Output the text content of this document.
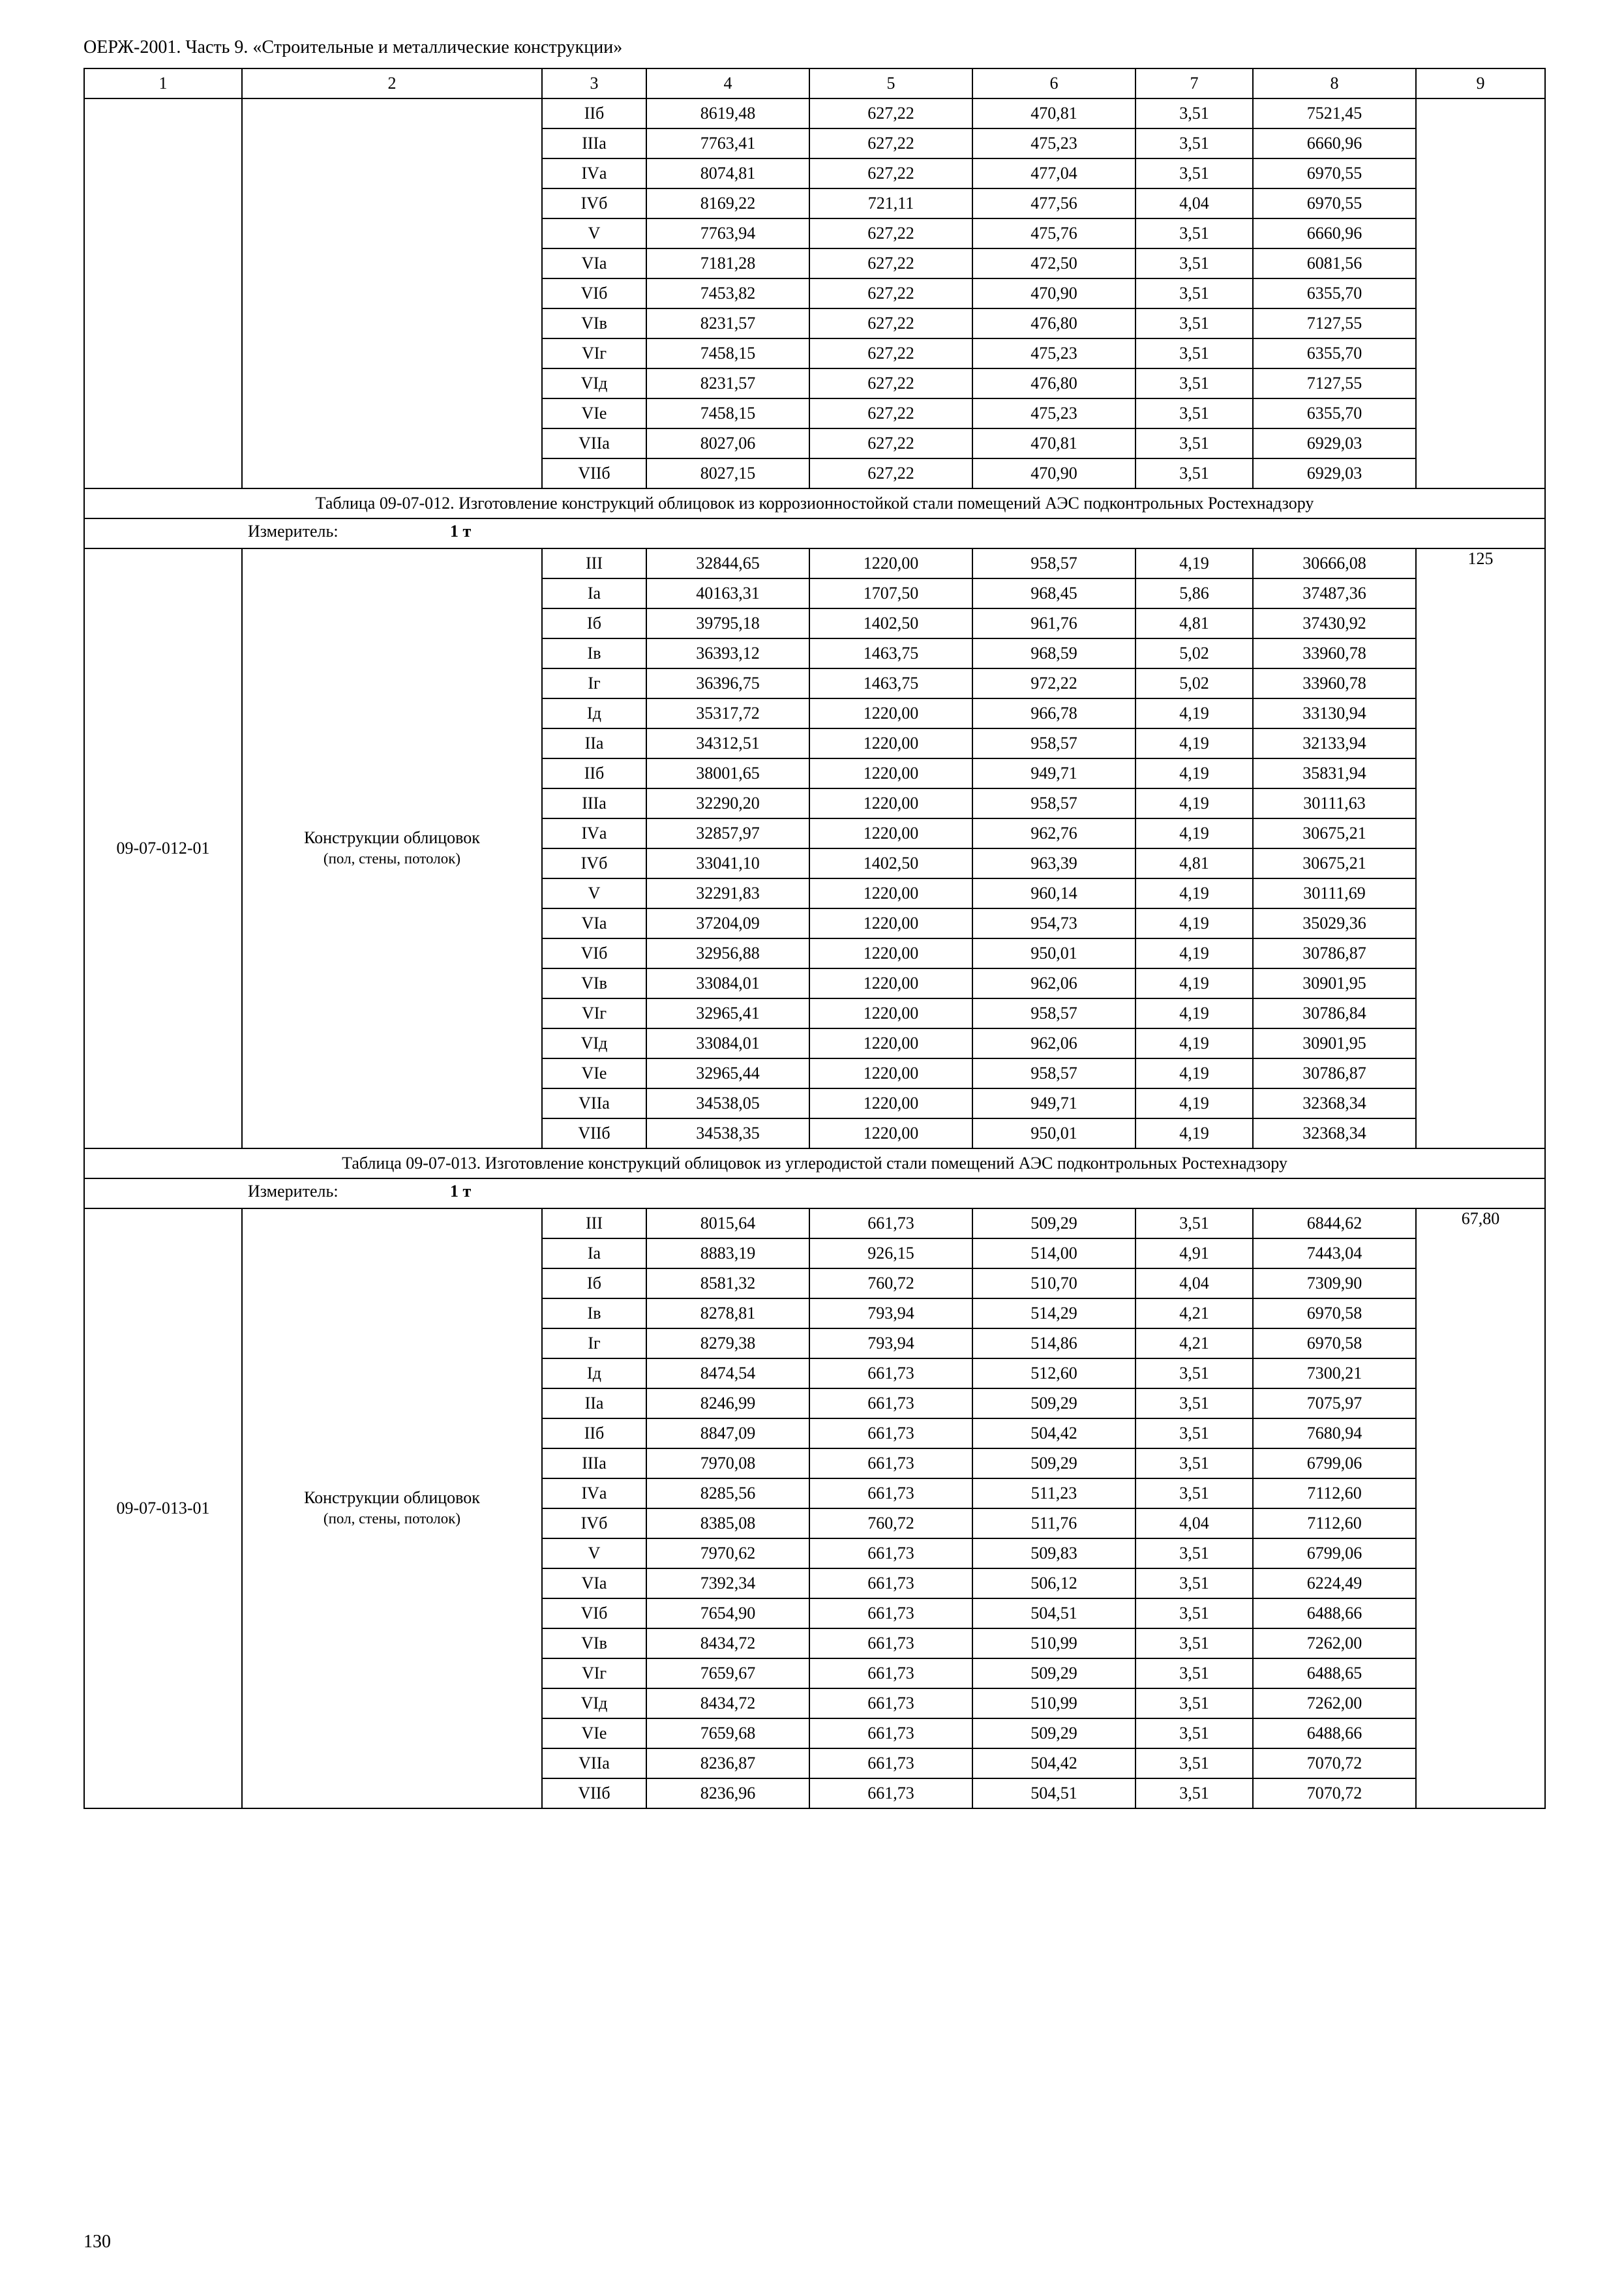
ОЕРЖ-2001. Часть 9. «Строительные и металлические конструкции»
1	2	3	4	5	6	7	8	9
		IIб	8619,48	627,22	470,81	3,51	7521,45	
		IIIа	7763,41	627,22	475,23	3,51	6660,96	
		IVа	8074,81	627,22	477,04	3,51	6970,55	
		IVб	8169,22	721,11	477,56	4,04	6970,55	
		V	7763,94	627,22	475,76	3,51	6660,96	
		VIа	7181,28	627,22	472,50	3,51	6081,56	
		VIб	7453,82	627,22	470,90	3,51	6355,70	
		VIв	8231,57	627,22	476,80	3,51	7127,55	
		VIг	7458,15	627,22	475,23	3,51	6355,70	
		VIд	8231,57	627,22	476,80	3,51	7127,55	
		VIе	7458,15	627,22	475,23	3,51	6355,70	
		VIIа	8027,06	627,22	470,81	3,51	6929,03	
		VIIб	8027,15	627,22	470,90	3,51	6929,03	
Таблица 09-07-012. Изготовление конструкций облицовок из коррозионностойкой стали помещений АЭС подконтрольных Ростехнадзору								

Измеритель: 1 т								

09-07-012-01	Конструкции облицовок
(пол, стены, потолок)	III	32844,65	1220,00	958,57	4,19	30666,08	125
		Iа	40163,31	1707,50	968,45	5,86	37487,36	
		Iб	39795,18	1402,50	961,76	4,81	37430,92	
		Iв	36393,12	1463,75	968,59	5,02	33960,78	
		Iг	36396,75	1463,75	972,22	5,02	33960,78	
		Iд	35317,72	1220,00	966,78	4,19	33130,94	
		IIа	34312,51	1220,00	958,57	4,19	32133,94	
		IIб	38001,65	1220,00	949,71	4,19	35831,94	
		IIIа	32290,20	1220,00	958,57	4,19	30111,63	
		IVа	32857,97	1220,00	962,76	4,19	30675,21	
		IVб	33041,10	1402,50	963,39	4,81	30675,21	
		V	32291,83	1220,00	960,14	4,19	30111,69	
		VIа	37204,09	1220,00	954,73	4,19	35029,36	
		VIб	32956,88	1220,00	950,01	4,19	30786,87	
		VIв	33084,01	1220,00	962,06	4,19	30901,95	
		VIг	32965,41	1220,00	958,57	4,19	30786,84	
		VIд	33084,01	1220,00	962,06	4,19	30901,95	
		VIе	32965,44	1220,00	958,57	4,19	30786,87	
		VIIа	34538,05	1220,00	949,71	4,19	32368,34	
		VIIб	34538,35	1220,00	950,01	4,19	32368,34	
Таблица 09-07-013. Изготовление конструкций облицовок из углеродистой стали помещений АЭС подконтрольных Ростехнадзору								

Измеритель: 1 т								

09-07-013-01	Конструкции облицовок
(пол, стены, потолок)	III	8015,64	661,73	509,29	3,51	6844,62	67,80
		Iа	8883,19	926,15	514,00	4,91	7443,04	
		Iб	8581,32	760,72	510,70	4,04	7309,90	
		Iв	8278,81	793,94	514,29	4,21	6970,58	
		Iг	8279,38	793,94	514,86	4,21	6970,58	
		Iд	8474,54	661,73	512,60	3,51	7300,21	
		IIа	8246,99	661,73	509,29	3,51	7075,97	
		IIб	8847,09	661,73	504,42	3,51	7680,94	
		IIIа	7970,08	661,73	509,29	3,51	6799,06	
		IVа	8285,56	661,73	511,23	3,51	7112,60	
		IVб	8385,08	760,72	511,76	4,04	7112,60	
		V	7970,62	661,73	509,83	3,51	6799,06	
		VIа	7392,34	661,73	506,12	3,51	6224,49	
		VIб	7654,90	661,73	504,51	3,51	6488,66	
		VIв	8434,72	661,73	510,99	3,51	7262,00	
		VIг	7659,67	661,73	509,29	3,51	6488,65	
		VIд	8434,72	661,73	510,99	3,51	7262,00	
		VIе	7659,68	661,73	509,29	3,51	6488,66	
		VIIа	8236,87	661,73	504,42	3,51	7070,72	
		VIIб	8236,96	661,73	504,51	3,51	7070,72	
130
